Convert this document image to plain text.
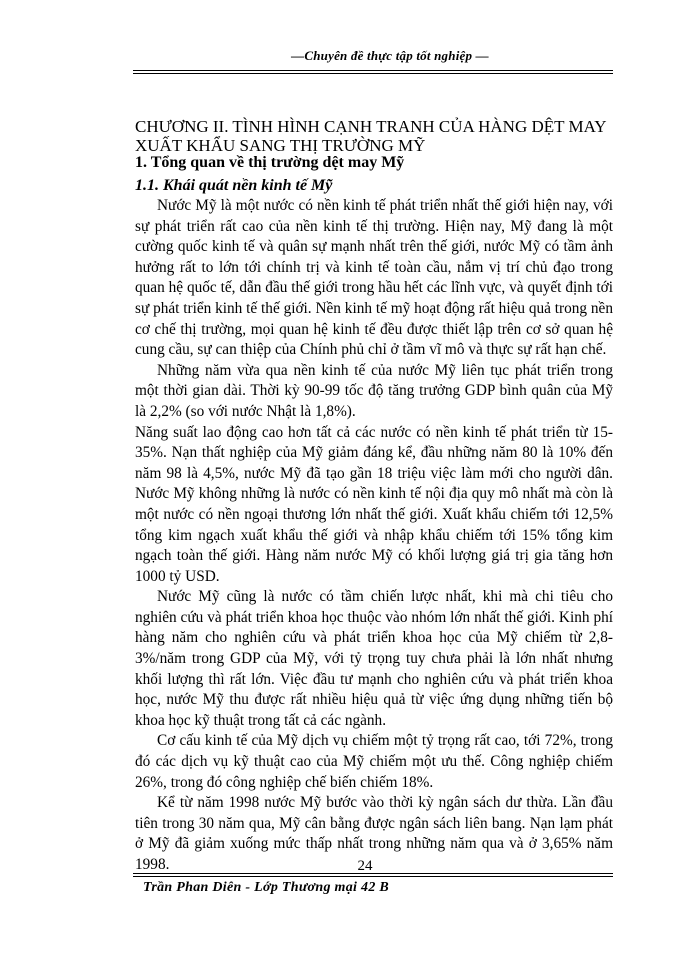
—Chuyên đề thực tập tốt nghiệp —
CHƯƠNG II. TÌNH HÌNH CẠNH TRANH CỦA HÀNG DỆT MAY XUẤT KHẨU SANG THỊ TRƯỜNG MỸ
1. Tổng quan về thị trường dệt may Mỹ
1.1. Khái quát nền kinh tế Mỹ

Nước Mỹ là một nước có nền kinh tế phát triển nhất thế giới hiện nay, với sự phát triển rất cao của nền kinh tế thị trường. Hiện nay, Mỹ đang là một cường quốc kinh tế và quân sự mạnh nhất trên thế giới, nước Mỹ có tầm ảnh hưởng rất to lớn tới chính trị và kinh tế toàn cầu, nắm vị trí chủ đạo trong quan hệ quốc tế, dẫn đầu thế giới trong hầu hết các lĩnh vực, và quyết định tới sự phát triển kinh tế thế giới. Nền kinh tế mỹ hoạt động rất hiệu quả trong nền cơ chế thị trường, mọi quan hệ kinh tế đều được thiết lập trên cơ sở quan hệ cung cầu, sự can thiệp của Chính phủ chỉ ở tầm vĩ mô và thực sự rất hạn chế.

Những năm vừa qua nền kinh tế của nước Mỹ liên tục phát triển trong một thời gian dài. Thời kỳ 90-99 tốc độ tăng trưởng GDP bình quân của Mỹ là 2,2% (so với nước Nhật là 1,8%).

Năng suất lao động cao hơn tất cả các nước có nền kinh tế phát triển từ 15-35%. Nạn thất nghiệp của Mỹ giảm đáng kể, đầu những năm 80 là 10% đến năm 98 là 4,5%, nước Mỹ đã tạo gần 18 triệu việc làm mới cho người dân. Nước Mỹ không những là nước có nền kinh tế nội địa quy mô nhất mà còn là một nước có nền ngoại thương lớn nhất thế giới. Xuất khẩu chiếm tới 12,5% tổng kim ngạch xuất khẩu thế giới và nhập khẩu chiếm tới 15% tổng kim ngạch toàn thế giới. Hàng năm nước Mỹ có khối lượng giá trị gia tăng hơn 1000 tỷ USD.

Nước Mỹ cũng là nước có tầm chiến lược nhất, khi mà chi tiêu cho nghiên cứu và phát triển khoa học thuộc vào nhóm lớn nhất thế giới. Kinh phí hàng năm cho nghiên cứu và phát triển khoa học của Mỹ chiếm từ 2,8-3%/năm trong GDP của Mỹ, với tỷ trọng tuy chưa phải là lớn nhất nhưng khối lượng thì rất lớn. Việc đầu tư mạnh cho nghiên cứu và phát triển khoa học, nước Mỹ thu được rất nhiều hiệu quả từ việc ứng dụng những tiến bộ khoa học kỹ thuật trong tất cả các ngành.

Cơ cấu kinh tế của Mỹ dịch vụ chiếm một tỷ trọng rất cao, tới 72%, trong đó các dịch vụ kỹ thuật cao của Mỹ chiếm một ưu thế. Công nghiệp chiếm 26%, trong đó công nghiệp chế biến chiếm 18%.

Kể từ năm 1998 nước Mỹ bước vào thời kỳ ngân sách dư thừa. Lần đầu tiên trong 30 năm qua, Mỹ cân bằng được ngân sách liên bang. Nạn lạm phát ở Mỹ đã giảm xuống mức thấp nhất trong những năm qua và ở 3,65% năm 1998.	24
Trần Phan Diên - Lớp Thương mại 42 B
